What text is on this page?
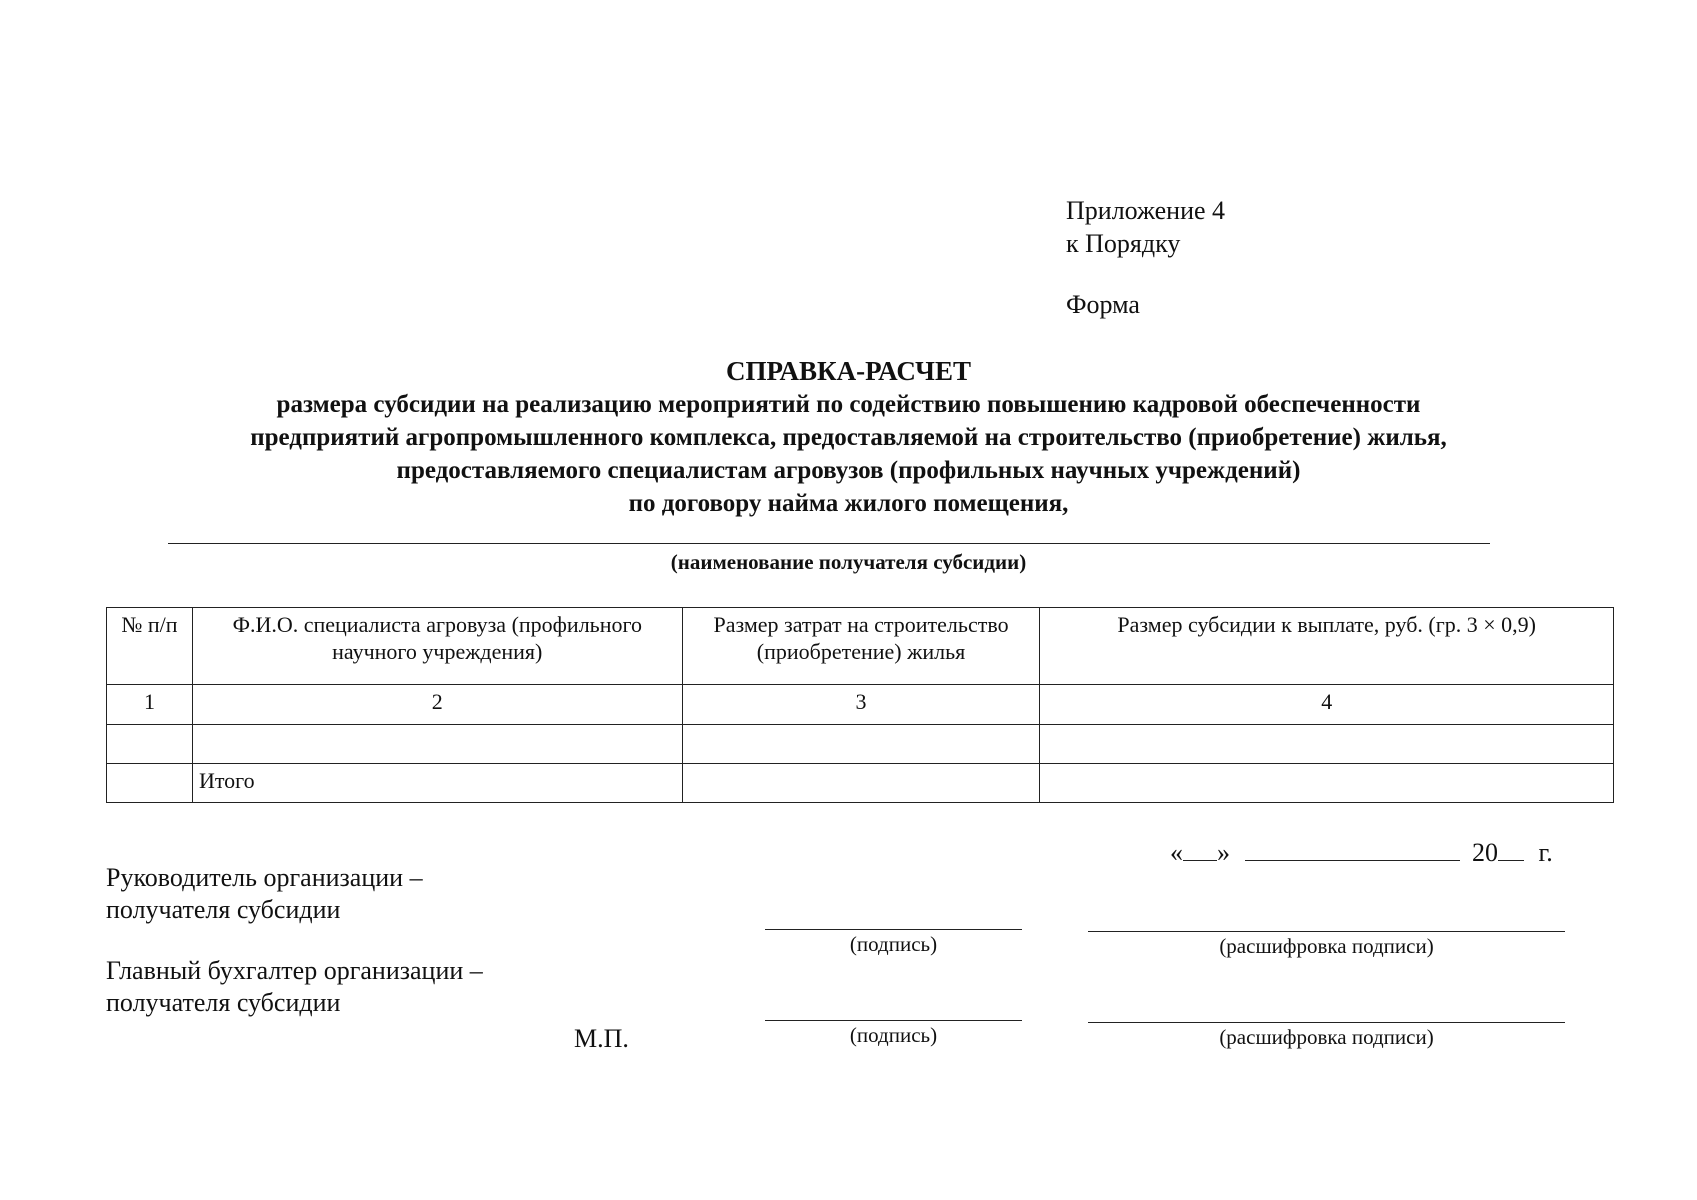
Приложение 4
к Порядку
Форма
СПРАВКА-РАСЧЕТ
размера субсидии на реализацию мероприятий по содействию повышению кадровой обеспеченности
предприятий агропромышленного комплекса, предоставляемой на строительство (приобретение) жилья,
предоставляемого специалистам агровузов (профильных научных учреждений)
по договору найма жилого помещения,
(наименование получателя субсидии)
№ п/п	Ф.И.О. специалиста агровуза (профильного научного учреждения)	Размер затрат на строительство (приобретение) жилья	Размер субсидии к выплате, руб. (гр. 3 × 0,9)
1	2	3	4

	Итого		
« »	20 г.
Руководитель организации –
получателя субсидии
(подпись)	(расшифровка подписи)
Главный бухгалтер организации –
получателя субсидии
М.П.	(подпись)	(расшифровка подписи)
